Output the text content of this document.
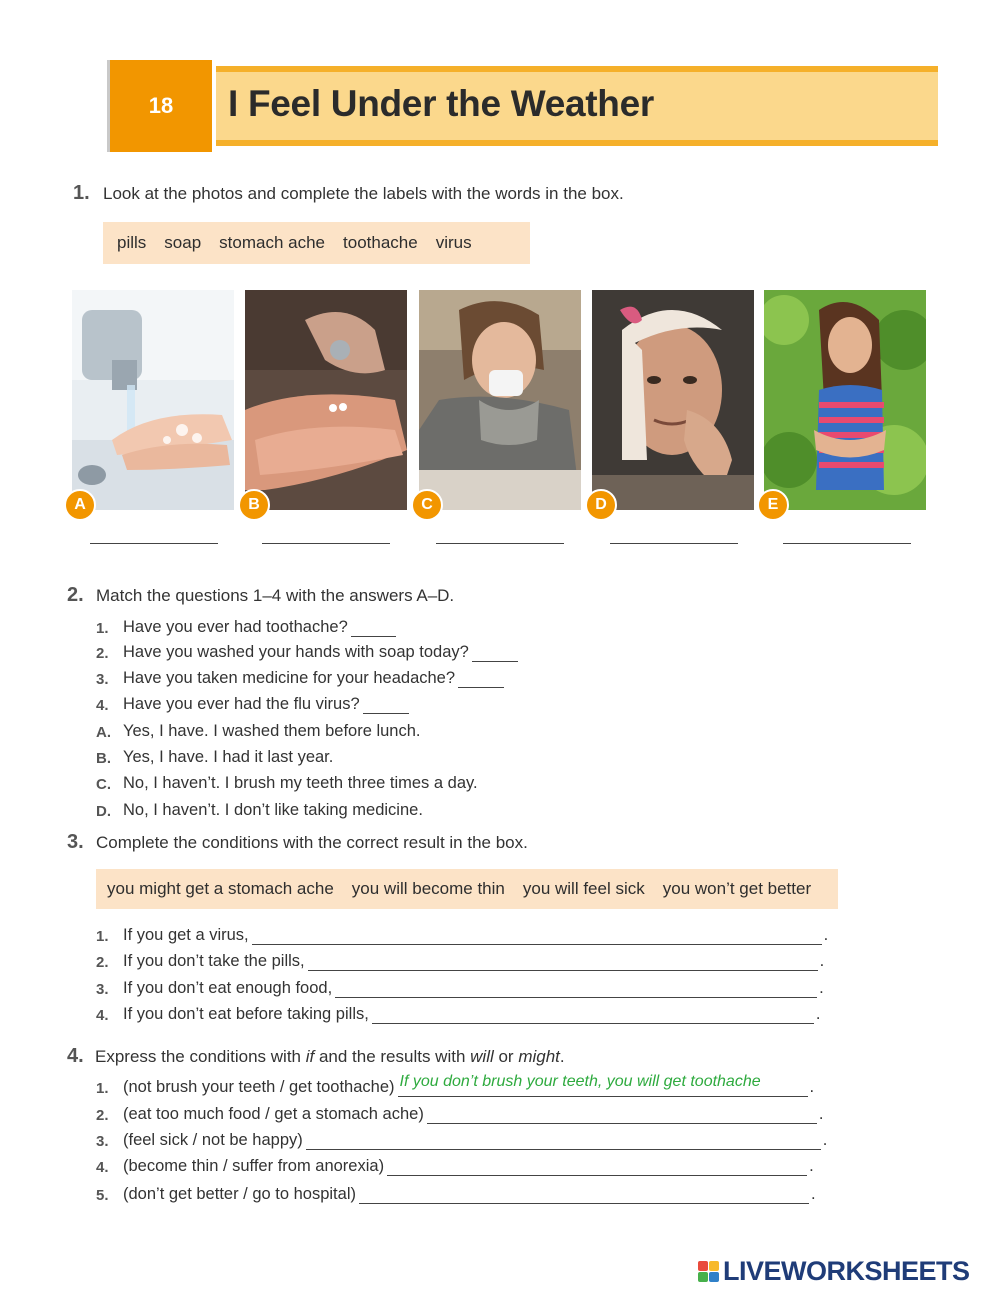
18	I Feel Under the Weather
1. Look at the photos and complete the labels with the words in the box.
pills soap stomach ache toothache virus
A	B	C	D	E
2. Match the questions 1–4 with the answers A–D.
1. Have you ever had toothache?
2. Have you washed your hands with soap today?
3. Have you taken medicine for your headache?
4. Have you ever had the flu virus?
A. Yes, I have. I washed them before lunch.
B. Yes, I have. I had it last year.
C. No, I haven’t. I brush my teeth three times a day.
D. No, I haven’t. I don’t like taking medicine.
3. Complete the conditions with the correct result in the box.
you might get a stomach ache you will become thin you will feel sick you won’t get better
1. If you get a virus,	.
2. If you don’t take the pills,	.
3. If you don’t eat enough food,	.
4. If you don’t eat before taking pills,	.
4. Express the conditions with if and the results with will or might.
1. (not brush your teeth / get toothache) If you don’t brush your teeth, you will get toothache	.
2. (eat too much food / get a stomach ache)	.
3. (feel sick / not be happy)	.
4. (become thin / suffer from anorexia)	.
5. (don’t get better / go to hospital)	.
LIVEWORKSHEETS
